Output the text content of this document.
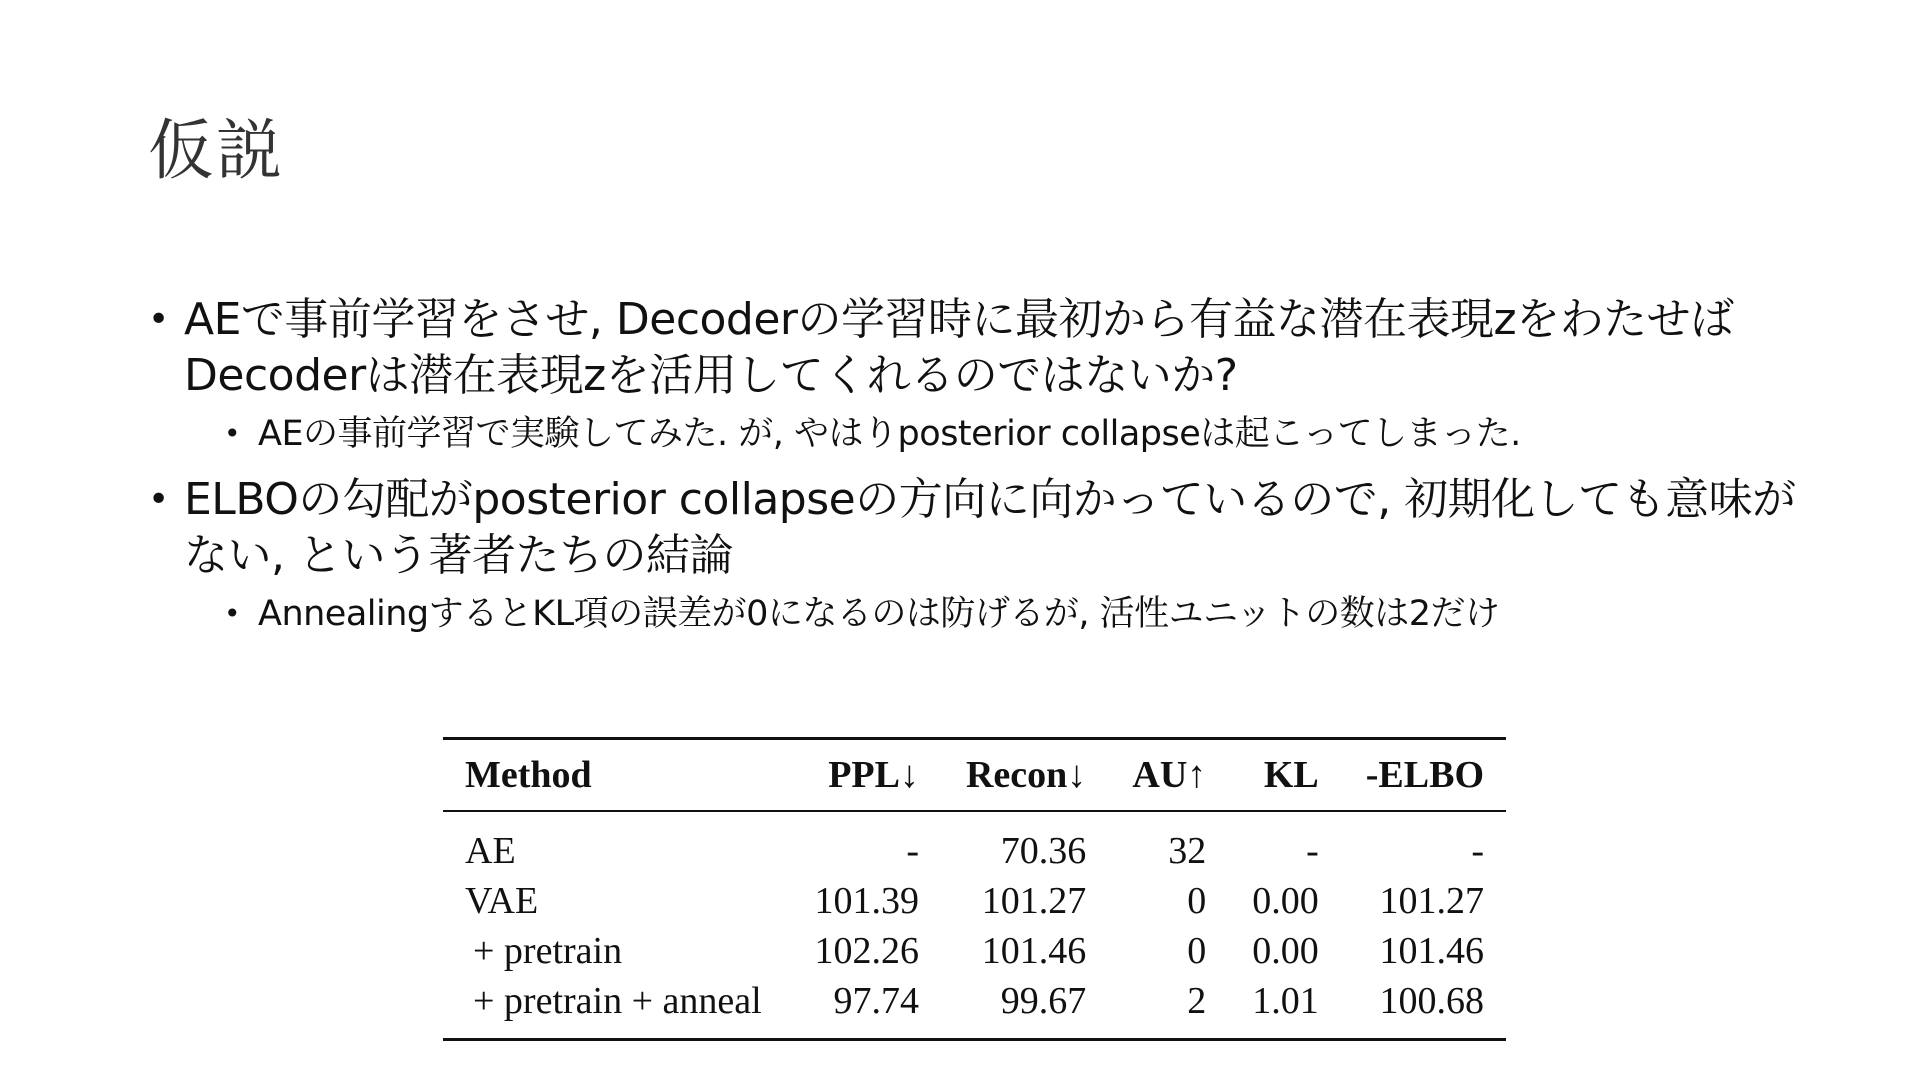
仮説
• AEで事前学習をさせ, Decoderの学習時に最初から有益な潜在表現zをわたせばDecoderは潜在表現zを活用してくれるのではないか?
• AEの事前学習で実験してみた. が, やはりposterior collapseは起こってしまった.
• ELBOの勾配がposterior collapseの方向に向かっているので, 初期化しても意味がない, という著者たちの結論
• AnnealingするとKL項の誤差が0になるのは防げるが, 活性ユニットの数は2だけ
Method	PPL↓	Recon↓	AU↑	KL	-ELBO
AE	-	70.36	32	-	-
VAE	101.39	101.27	0	0.00	101.27
+ pretrain	102.26	101.46	0	0.00	101.46
+ pretrain + anneal	97.74	99.67	2	1.01	100.68
